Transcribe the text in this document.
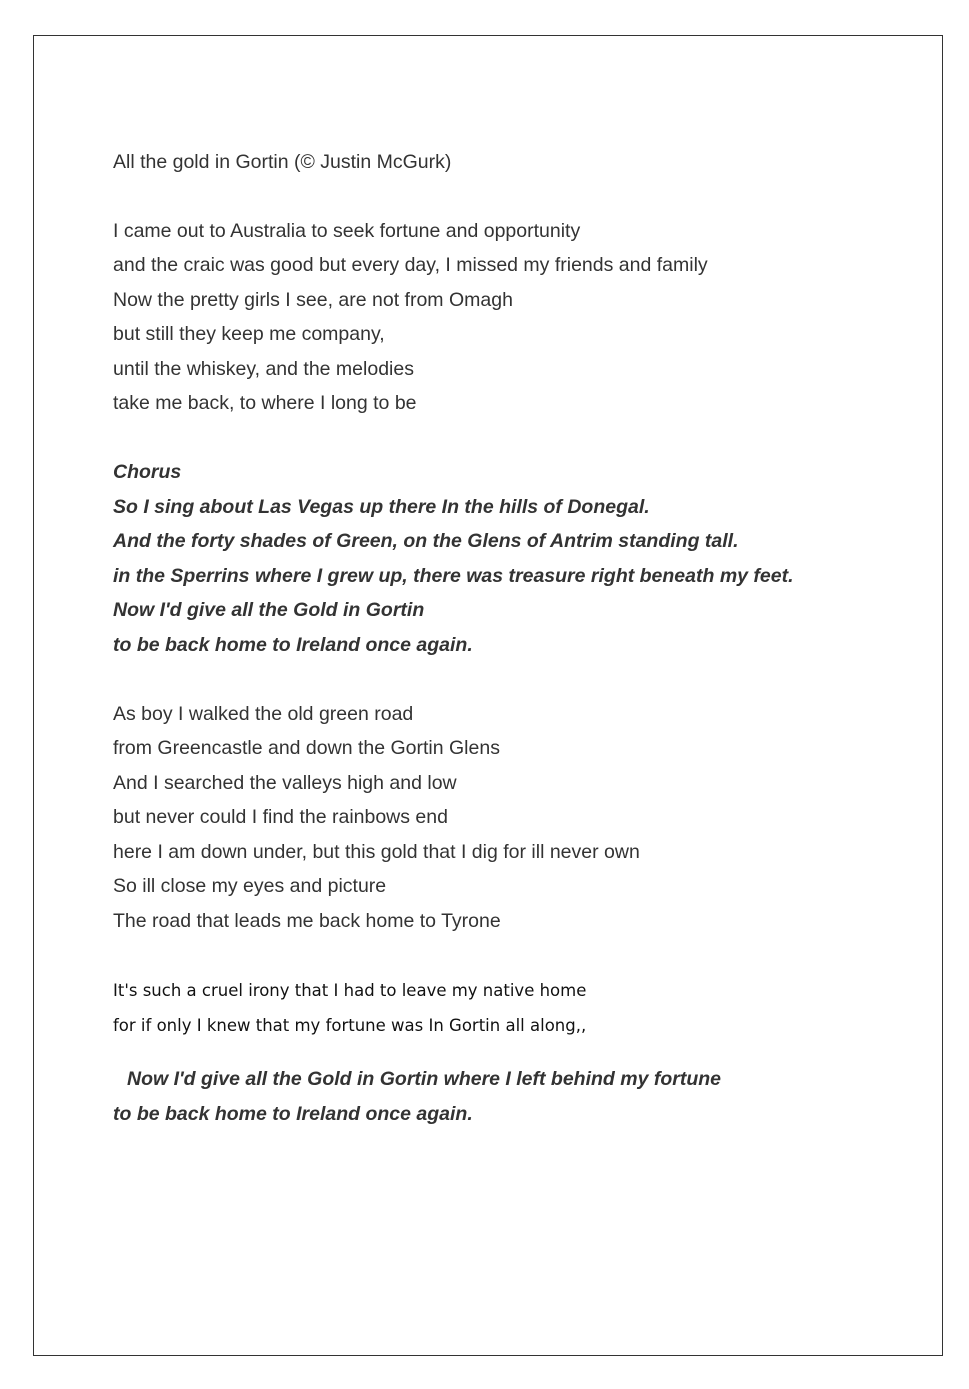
All the gold in Gortin (© Justin McGurk)
I came out to Australia to seek fortune and opportunity
and the craic was good but every day, I missed my friends and family
Now the pretty girls I see, are not from Omagh
but still they keep me company,
until the whiskey, and the melodies
take me back, to where I long to be
Chorus
So I sing about Las Vegas up there In the hills of Donegal.
And the forty shades of Green, on the Glens of Antrim standing tall.
in the Sperrins where I grew up, there was treasure right beneath my feet.
Now I'd give all the Gold in Gortin
to be back home to Ireland once again.
As boy I walked the old green road
from Greencastle and down the Gortin Glens
And I searched the valleys high and low
but never could I find the rainbows end
here I am down under, but this gold that I dig for ill never own
So ill close my eyes and picture
The road that leads me back home to Tyrone
It's such a cruel irony that I had to leave my native home
for if only I knew that my fortune was In Gortin all along,,
Now I'd give all the Gold in Gortin where I left behind my fortune
to be back home to Ireland once again.
